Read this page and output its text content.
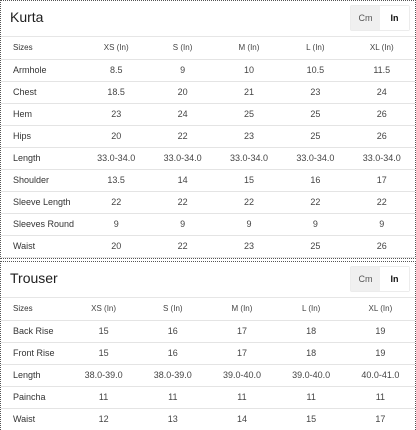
Kurta	Cm	In
Sizes	XS (In)	S (In)	M (In)	L (In)	XL (In)
Armhole	8.5	9	10	10.5	11.5
Chest	18.5	20	21	23	24
Hem	23	24	25	25	26
Hips	20	22	23	25	26
Length	33.0-34.0	33.0-34.0	33.0-34.0	33.0-34.0	33.0-34.0
Shoulder	13.5	14	15	16	17
Sleeve Length	22	22	22	22	22
Sleeves Round	9	9	9	9	9
Waist	20	22	23	25	26
Trouser	Cm	In
Sizes	XS (In)	S (In)	M (In)	L (In)	XL (In)
Back Rise	15	16	17	18	19
Front Rise	15	16	17	18	19
Length	38.0-39.0	38.0-39.0	39.0-40.0	39.0-40.0	40.0-41.0
Paincha	11	11	11	11	11
Waist	12	13	14	15	17
